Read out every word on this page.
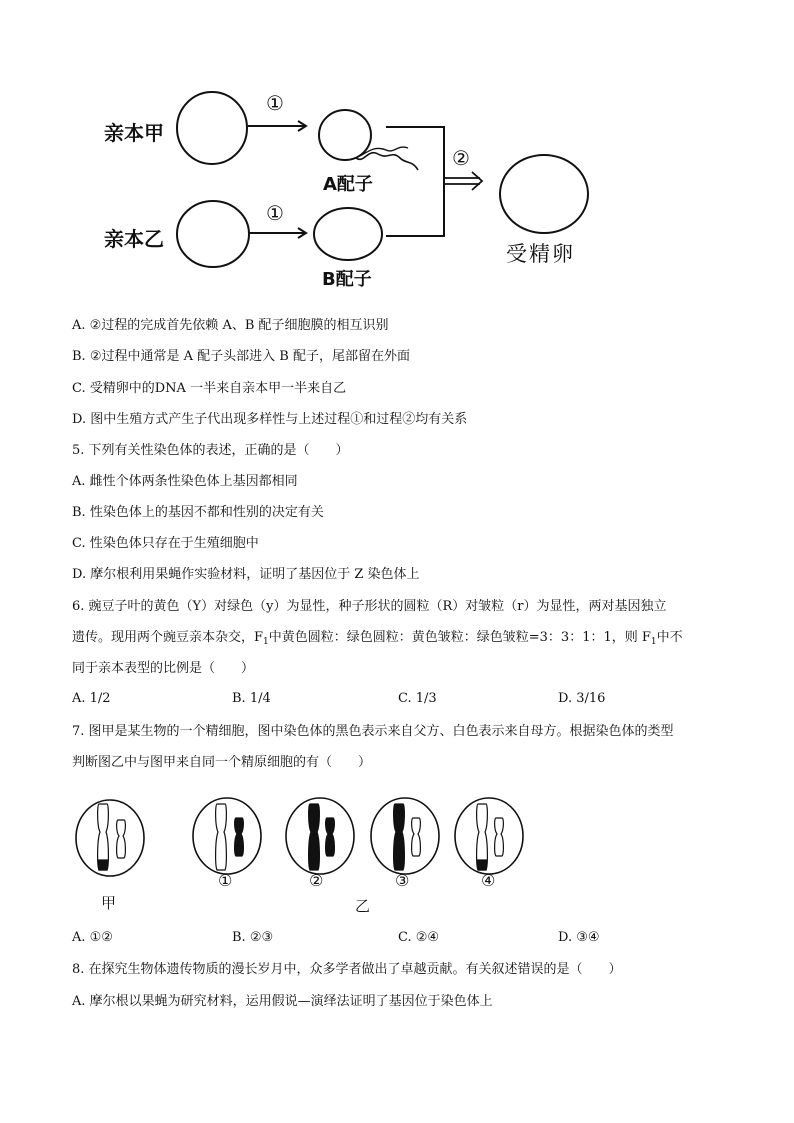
亲本甲
亲本乙
①
①
②
A配子
B配子
受精卵
A. ②过程的完成首先依赖 A、B 配子细胞膜的相互识别
B. ②过程中通常是 A 配子头部进入 B 配子，尾部留在外面
C. 受精卵中的DNA 一半来自亲本甲一半来自乙
D. 图中生殖方式产生子代出现多样性与上述过程①和过程②均有关系
5. 下列有关性染色体的表述，正确的是（　　）
A. 雌性个体两条性染色体上基因都相同
B. 性染色体上的基因不都和性别的决定有关
C. 性染色体只存在于生殖细胞中
D. 摩尔根利用果蝇作实验材料，证明了基因位于 Z 染色体上
6. 豌豆子叶的黄色（Y）对绿色（y）为显性，种子形状的圆粒（R）对皱粒（r）为显性，两对基因独立
遗传。现用两个豌豆亲本杂交，$F_1$中黄色圆粒：绿色圆粒：黄色皱粒：绿色皱粒=3：3：1：1，则 $F_1$中不
同于亲本表型的比例是（　　）
A. 1/2	B. 1/4	C. 1/3	D. 3/16
7. 图甲是某生物的一个精细胞，图中染色体的黑色表示来自父方、白色表示来自母方。根据染色体的类型
判断图乙中与图甲来自同一个精原细胞的有（　　）
①	②	③	④
甲	乙
A. ①②	B. ②③	C. ②④	D. ③④
8. 在探究生物体遗传物质的漫长岁月中，众多学者做出了卓越贡献。有关叙述错误的是（　　）
A. 摩尔根以果蝇为研究材料，运用假说—演绎法证明了基因位于染色体上
